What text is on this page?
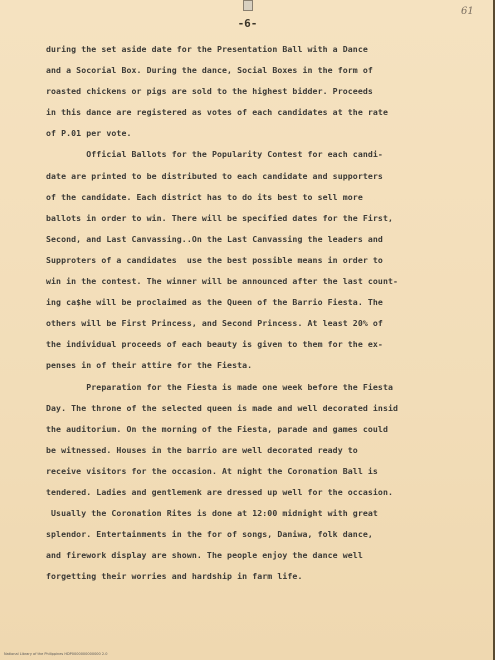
61
-6-
during the set aside date for the Presentation Ball with a Dance
and a Socorial Box. During the dance, Social Boxes in the form of
roasted chickens or pigs are sold to the highest bidder. Proceeds
in this dance are registered as votes of each candidates at the rate
of P.01 per vote.
Official Ballots for the Popularity Contest for each candi-
date are printed to be distributed to each candidate and supporters
of the candidate. Each district has to do its best to sell more
ballots in order to win. There will be specified dates for the First,
Second, and Last Canvassing..On the Last Canvassing the leaders and
Supproters of a candidates  use the best possible means in order to
win in the contest. The winner will be announced after the last count-
ing ca$he will be proclaimed as the Queen of the Barrio Fiesta. The
others will be First Princess, and Second Princess. At least 20% of
the individual proceeds of each beauty is given to them for the ex-
penses in of their attire for the Fiesta.
Preparation for the Fiesta is made one week before the Fiesta
Day. The throne of the selected queen is made and well decorated insid
the auditorium. On the morning of the Fiesta, parade and games could
be witnessed. Houses in the barrio are well decorated ready to
receive visitors for the occasion. At night the Coronation Ball is
tendered. Ladies and gentlemenk are dressed up well for the occasion.
Usually the Coronation Rites is done at 12:00 midnight with great
splendor. Entertainments in the for of songs, Daniwa, folk dance,
and firework display are shown. The people enjoy the dance well
forgetting their worries and hardship in farm life.
National Library of the Philippines HDP0000000000000 2.0
